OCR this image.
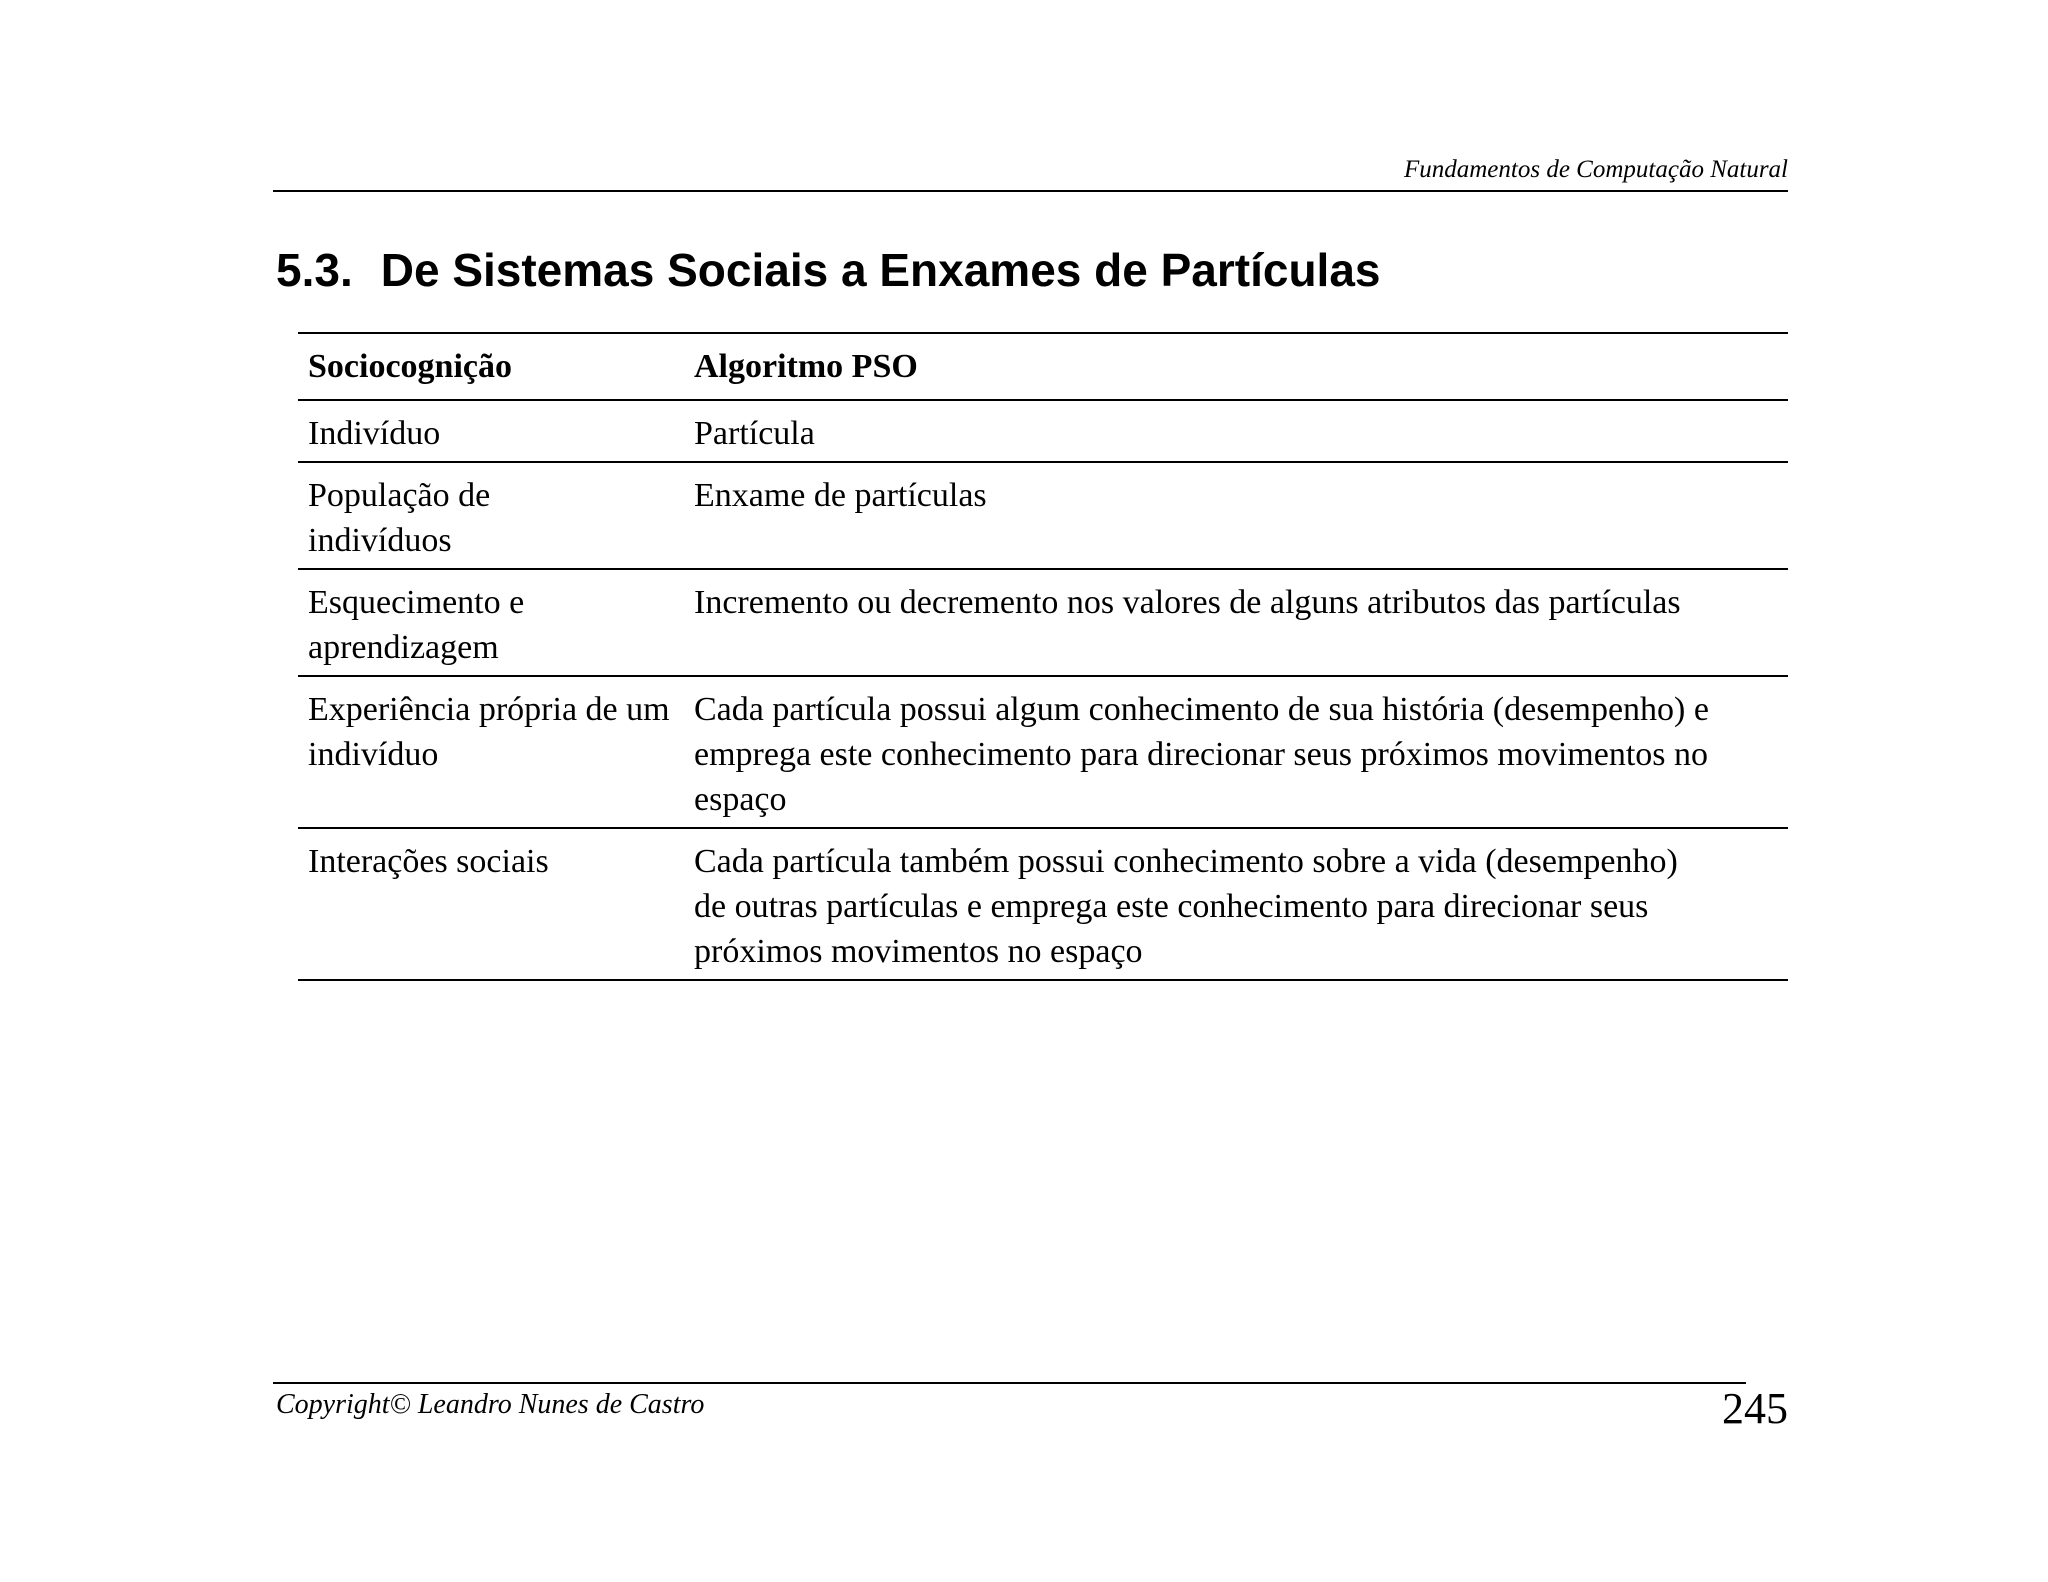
Fundamentos de Computação Natural
5.3. De Sistemas Sociais a Enxames de Partículas
Sociocognição	Algoritmo PSO
Indivíduo	Partícula
População de indivíduos	Enxame de partículas
Esquecimento e aprendizagem	Incremento ou decremento nos valores de alguns atributos das partículas
Experiência própria de um indivíduo	Cada partícula possui algum conhecimento de sua história (desempenho) e emprega este conhecimento para direcionar seus próximos movimentos no espaço
Interações sociais	Cada partícula também possui conhecimento sobre a vida (desempenho) de outras partículas e emprega este conhecimento para direcionar seus próximos movimentos no espaço
Copyright© Leandro Nunes de Castro	245
